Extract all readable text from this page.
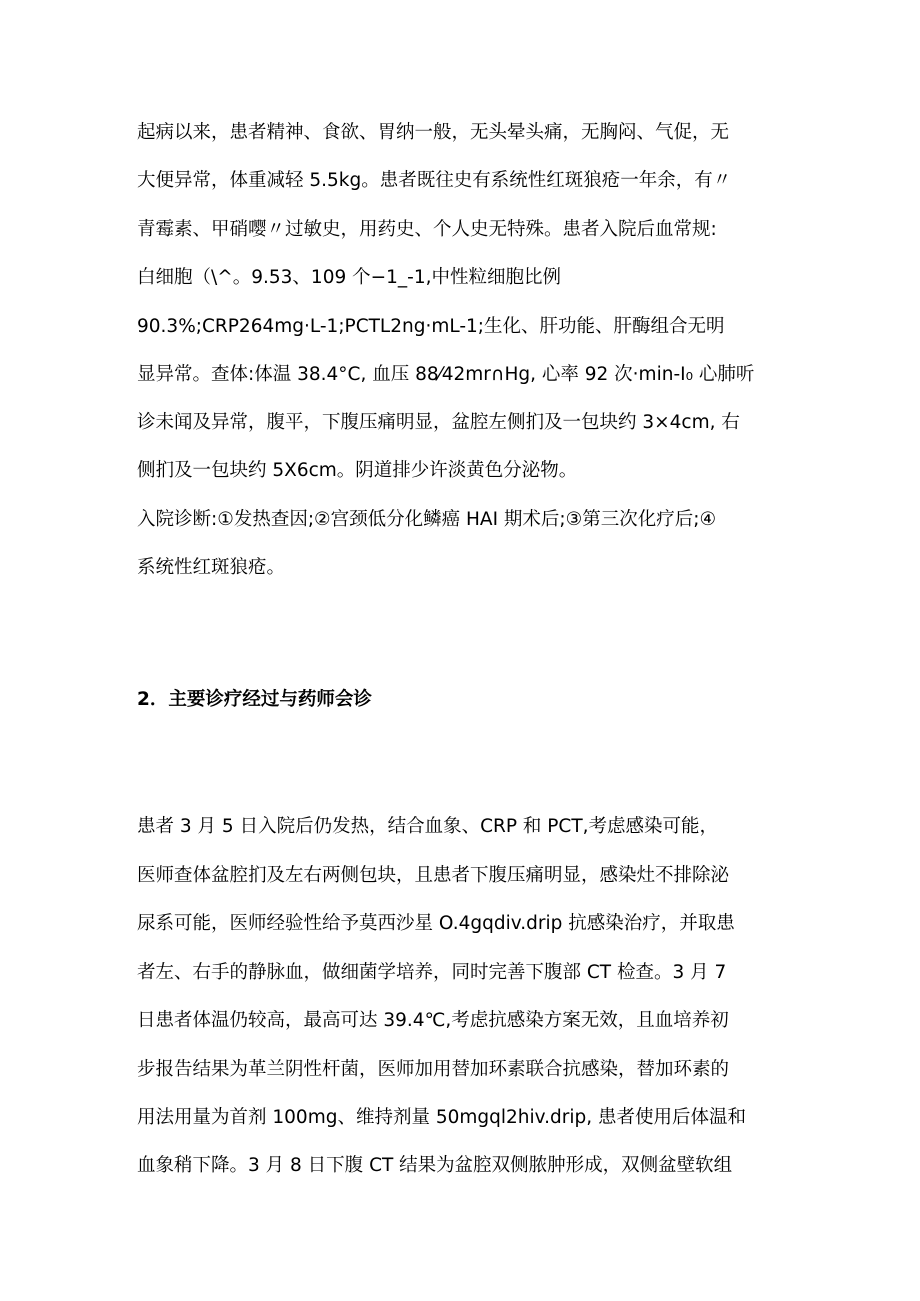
起病以来，患者精神、食欲、胃纳一般，无头晕头痛，无胸闷、气促，无
大便异常，体重减轻 5.5kg。患者既往史有系统性红斑狼疮一年余，有〃
青霉素、甲硝嘤〃过敏史，用药史、个人史无特殊。患者入院后血常规:
白细胞（\^。9.53、109 个−1_-1,中性粒细胞比例
90.3%;CRP264mg·L-1;PCTL2ng·mL-1;生化、肝功能、肝酶组合无明
显异常。查体:体温 38.4°C, 血压 88⁄42mr∩Hg, 心率 92 次·min-I₀ 心肺听
诊未闻及异常，腹平，下腹压痛明显，盆腔左侧扪及一包块约 3×4cm, 右
侧扪及一包块约 5X6cm。阴道排少许淡黄色分泌物。
入院诊断:①发热查因;②宫颈低分化鳞癌 HAI 期术后;③第三次化疗后;④
系统性红斑狼疮。
2．主要诊疗经过与药师会诊
患者 3 月 5 日入院后仍发热，结合血象、CRP 和 PCT,考虑感染可能，
医师查体盆腔扪及左右两侧包块，且患者下腹压痛明显，感染灶不排除泌
尿系可能，医师经验性给予莫西沙星 O.4gqdiv.drip 抗感染治疗，并取患
者左、右手的静脉血，做细菌学培养，同时完善下腹部 CT 检查。3 月 7
日患者体温仍较高，最高可达 39.4℃,考虑抗感染方案无效，且血培养初
步报告结果为革兰阴性杆菌，医师加用替加环素联合抗感染，替加环素的
用法用量为首剂 100mg、维持剂量 50mgql2hiv.drip, 患者使用后体温和
血象稍下降。3 月 8 日下腹 CT 结果为盆腔双侧脓肿形成，双侧盆壁软组
